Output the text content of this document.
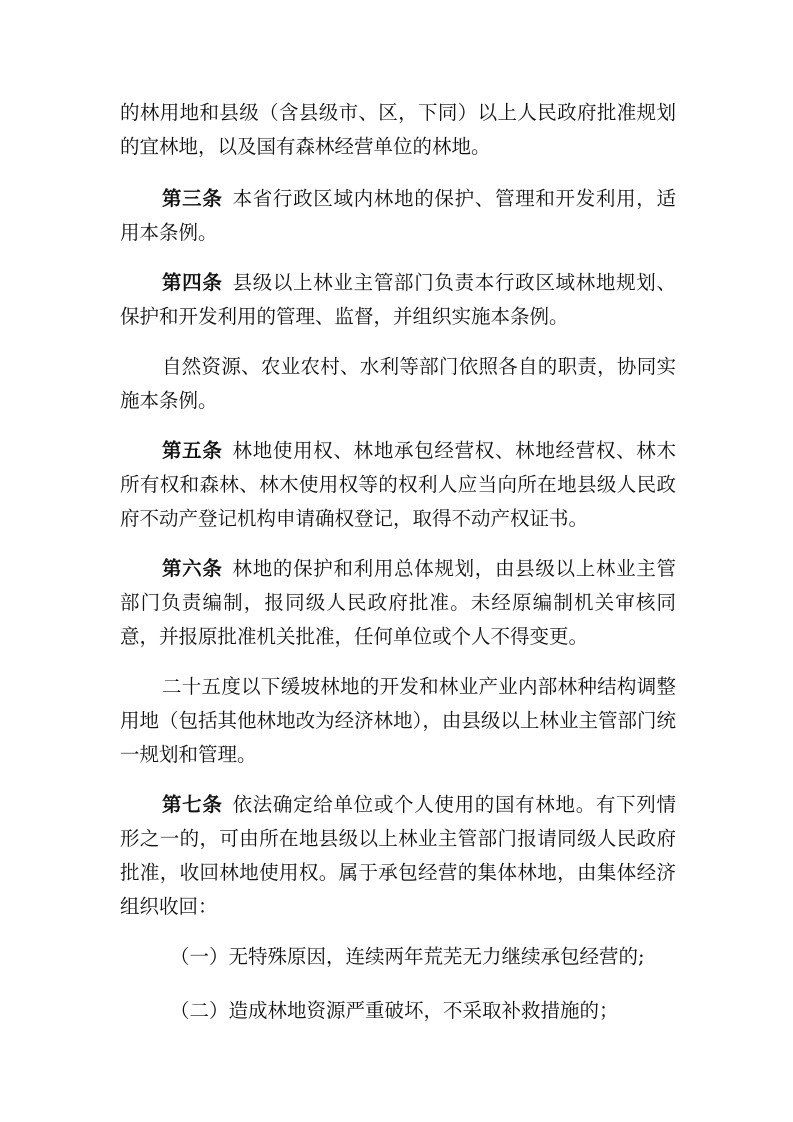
的林用地和县级（含县级市、区，下同）以上人民政府批准规划的宜林地，以及国有森林经营单位的林地。

第三条 本省行政区域内林地的保护、管理和开发利用，适用本条例。

第四条 县级以上林业主管部门负责本行政区域林地规划、保护和开发利用的管理、监督，并组织实施本条例。

自然资源、农业农村、水利等部门依照各自的职责，协同实施本条例。

第五条 林地使用权、林地承包经营权、林地经营权、林木所有权和森林、林木使用权等的权利人应当向所在地县级人民政府不动产登记机构申请确权登记，取得不动产权证书。

第六条 林地的保护和利用总体规划，由县级以上林业主管部门负责编制，报同级人民政府批准。未经原编制机关审核同意，并报原批准机关批准，任何单位或个人不得变更。

二十五度以下缓坡林地的开发和林业产业内部林种结构调整用地（包括其他林地改为经济林地），由县级以上林业主管部门统一规划和管理。

第七条 依法确定给单位或个人使用的国有林地。有下列情形之一的，可由所在地县级以上林业主管部门报请同级人民政府批准，收回林地使用权。属于承包经营的集体林地，由集体经济组织收回：

（一）无特殊原因，连续两年荒芜无力继续承包经营的;

（二）造成林地资源严重破坏，不采取补救措施的；
